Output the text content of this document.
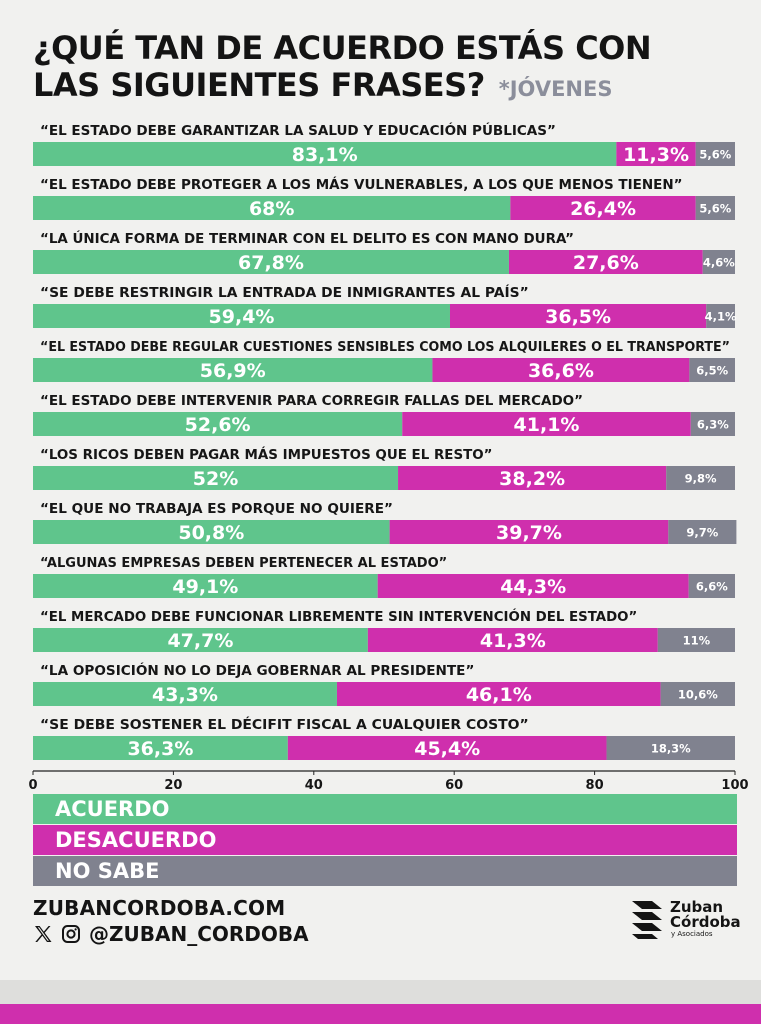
¿QUÉ TAN DE ACUERDO ESTÁS CON
LAS SIGUIENTES FRASES? *JÓVENES
“EL ESTADO DEBE GARANTIZAR LA SALUD Y EDUCACIÓN PÚBLICAS”
83,1%	11,3% 5,6%
“EL ESTADO DEBE PROTEGER A LOS MÁS VULNERABLES, A LOS QUE MENOS TIENEN”
68%	26,4%	5,6%
“LA ÚNICA FORMA DE TERMINAR CON EL DELITO ES CON MANO DURA”
67,8%	27,6%	4,6%
“SE DEBE RESTRINGIR LA ENTRADA DE INMIGRANTES AL PAÍS”
59,4%	36,5%	4,1%
“EL ESTADO DEBE REGULAR CUESTIONES SENSIBLES COMO LOS ALQUILERES O EL TRANSPORTE”
56,9%	36,6%	6,5%
“EL ESTADO DEBE INTERVENIR PARA CORREGIR FALLAS DEL MERCADO”
52,6%	41,1%	6,3%
“LOS RICOS DEBEN PAGAR MÁS IMPUESTOS QUE EL RESTO”
52%	38,2%	9,8%
“EL QUE NO TRABAJA ES PORQUE NO QUIERE”
50,8%	39,7%	9,7%
“ALGUNAS EMPRESAS DEBEN PERTENECER AL ESTADO”
49,1%	44,3%	6,6%
“EL MERCADO DEBE FUNCIONAR LIBREMENTE SIN INTERVENCIÓN DEL ESTADO”
47,7%	41,3%	11%
“LA OPOSICIÓN NO LO DEJA GOBERNAR AL PRESIDENTE”
43,3%	46,1%	10,6%
“SE DEBE SOSTENER EL DÉCIFIT FISCAL A CUALQUIER COSTO”
36,3%	45,4%	18,3%
0	20	40	60	80	100
ACUERDO
DESACUERDO
NO SABE
ZUBANCORDOBA.COM
@ZUBAN_CORDOBA
Zuban
Córdoba
y Asociados
